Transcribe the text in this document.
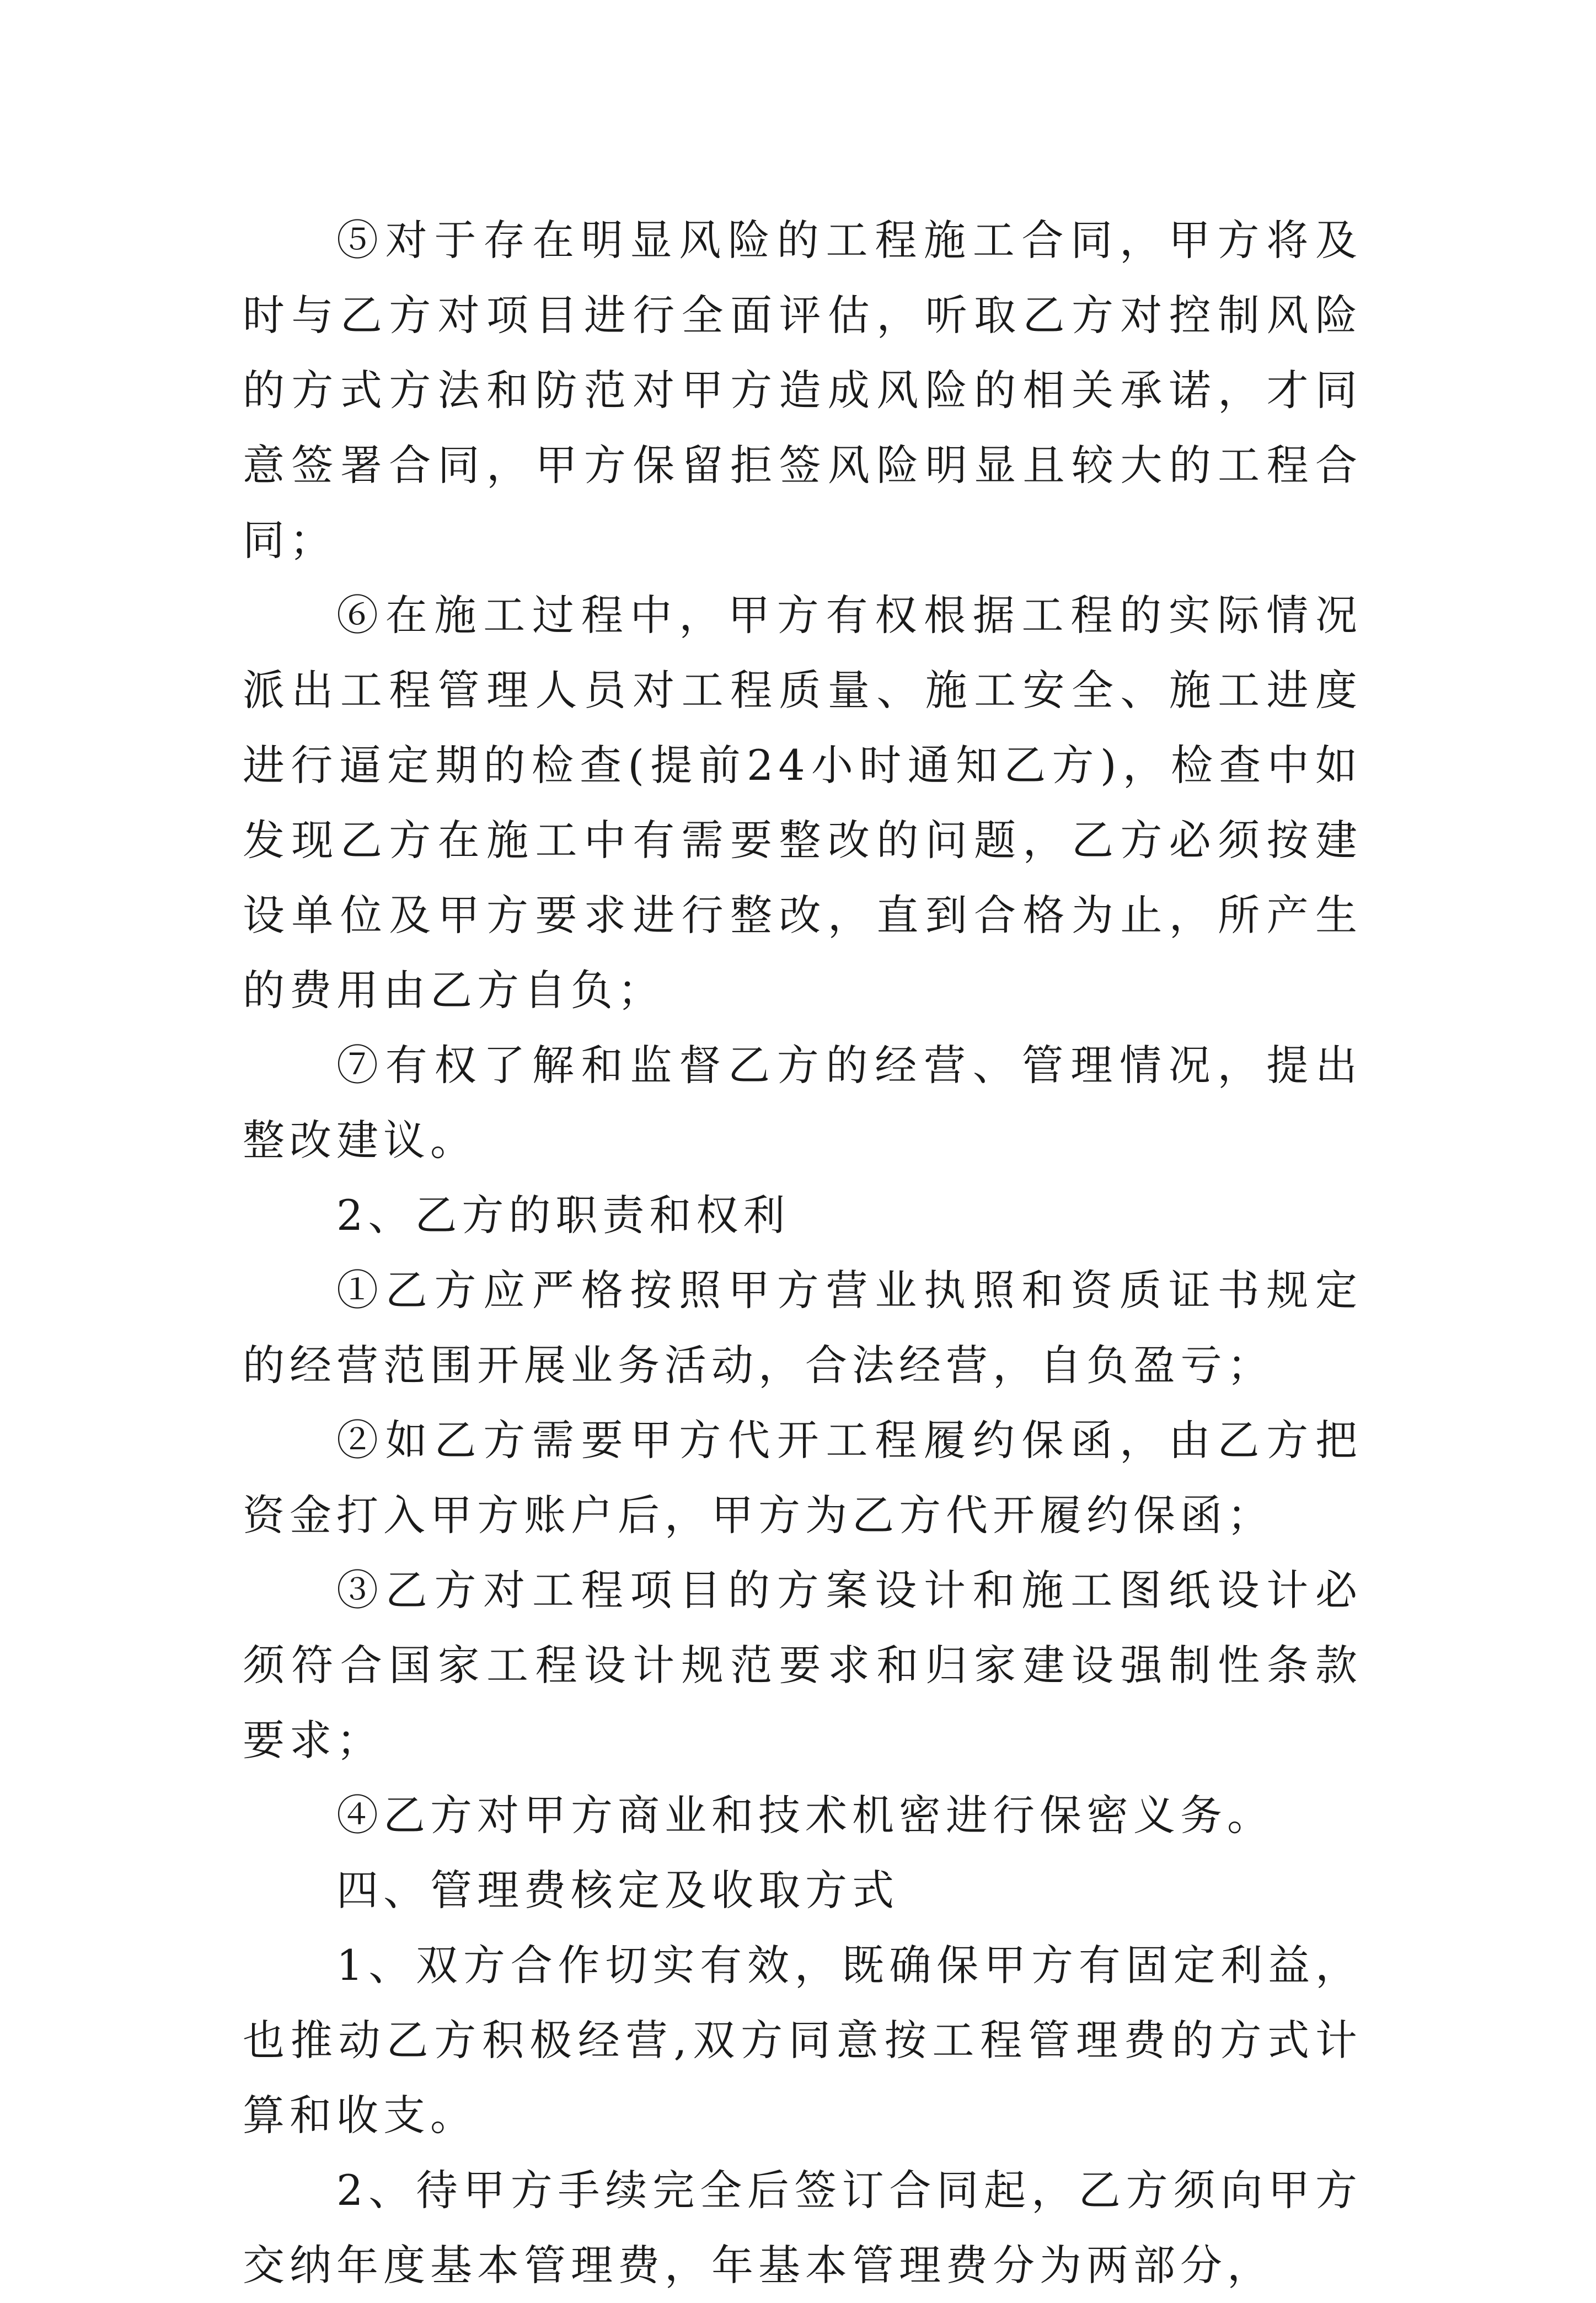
⑤对于存在明显风险的工程施工合同，甲方将及时与乙方对项目进行全面评估，听取乙方对控制风险的方式方法和防范对甲方造成风险的相关承诺，才同意签署合同，甲方保留拒签风险明显且较大的工程合同；

⑥在施工过程中，甲方有权根据工程的实际情况派出工程管理人员对工程质量、施工安全、施工进度进行逼定期的检查(提前24小时通知乙方)，检查中如发现乙方在施工中有需要整改的问题，乙方必须按建设单位及甲方要求进行整改，直到合格为止，所产生的费用由乙方自负；

⑦有权了解和监督乙方的经营、管理情况，提出整改建议。

2、乙方的职责和权利

①乙方应严格按照甲方营业执照和资质证书规定的经营范围开展业务活动，合法经营，自负盈亏；

②如乙方需要甲方代开工程履约保函，由乙方把资金打入甲方账户后，甲方为乙方代开履约保函；

③乙方对工程项目的方案设计和施工图纸设计必须符合国家工程设计规范要求和归家建设强制性条款要求；

④乙方对甲方商业和技术机密进行保密义务。

四、管理费核定及收取方式

1、双方合作切实有效，既确保甲方有固定利益，也推动乙方积极经营,双方同意按工程管理费的方式计算和收支。

2、待甲方手续完全后签订合同起，乙方须向甲方交纳年度基本管理费，年基本管理费分为两部分，
